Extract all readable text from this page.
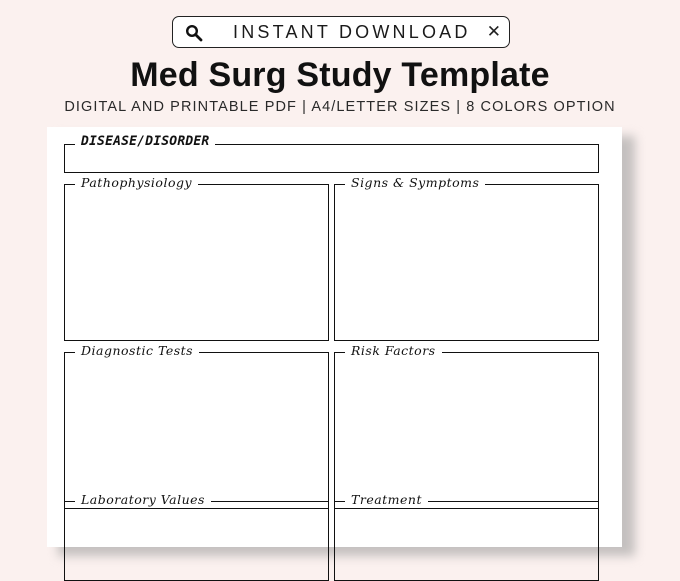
INSTANT DOWNLOAD ✕
Med Surg Study Template
DIGITAL AND PRINTABLE PDF | A4/LETTER SIZES | 8 COLORS OPTION
DISEASE/DISORDER
Pathophysiology	Signs & Symptoms
Diagnostic Tests	Risk Factors
Laboratory Values	Treatment
